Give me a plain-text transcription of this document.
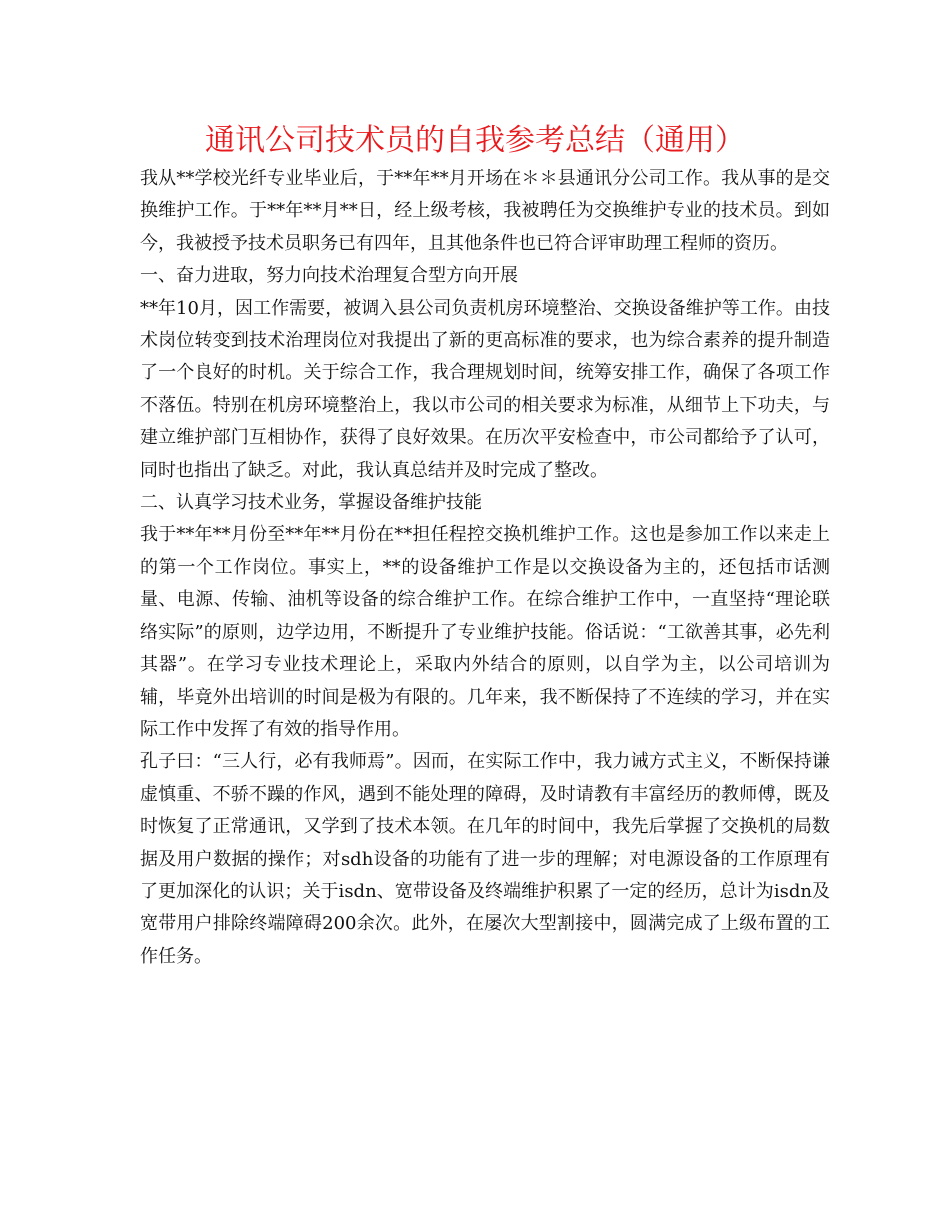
通讯公司技术员的自我参考总结（通用）

我从**学校光纤专业毕业后，于**年**月开场在＊＊县通讯分公司工作。我从事的是交换维护工作。于**年**月**日，经上级考核，我被聘任为交换维护专业的技术员。到如今，我被授予技术员职务已有四年，且其他条件也已符合评审助理工程师的资历。

一、奋力进取，努力向技术治理复合型方向开展

**年10月，因工作需要，被调入县公司负责机房环境整治、交换设备维护等工作。由技术岗位转变到技术治理岗位对我提出了新的更高标准的要求，也为综合素养的提升制造了一个良好的时机。关于综合工作，我合理规划时间，统筹安排工作，确保了各项工作不落伍。特别在机房环境整治上，我以市公司的相关要求为标准，从细节上下功夫，与建立维护部门互相协作，获得了良好效果。在历次平安检查中，市公司都给予了认可，同时也指出了缺乏。对此，我认真总结并及时完成了整改。

二、认真学习技术业务，掌握设备维护技能

我于**年**月份至**年**月份在**担任程控交换机维护工作。这也是参加工作以来走上的第一个工作岗位。事实上，**的设备维护工作是以交换设备为主的，还包括市话测量、电源、传输、油机等设备的综合维护工作。在综合维护工作中，一直坚持“理论联络实际”的原则，边学边用，不断提升了专业维护技能。俗话说：“工欲善其事，必先利其器”。在学习专业技术理论上，采取内外结合的原则，以自学为主，以公司培训为辅，毕竟外出培训的时间是极为有限的。几年来，我不断保持了不连续的学习，并在实际工作中发挥了有效的指导作用。

孔子曰：“三人行，必有我师焉”。因而，在实际工作中，我力诫方式主义，不断保持谦虚慎重、不骄不躁的作风，遇到不能处理的障碍，及时请教有丰富经历的教师傅，既及时恢复了正常通讯，又学到了技术本领。在几年的时间中，我先后掌握了交换机的局数据及用户数据的操作；对sdh设备的功能有了进一步的理解；对电源设备的工作原理有了更加深化的认识；关于isdn、宽带设备及终端维护积累了一定的经历，总计为isdn及宽带用户排除终端障碍200余次。此外，在屡次大型割接中，圆满完成了上级布置的工作任务。
